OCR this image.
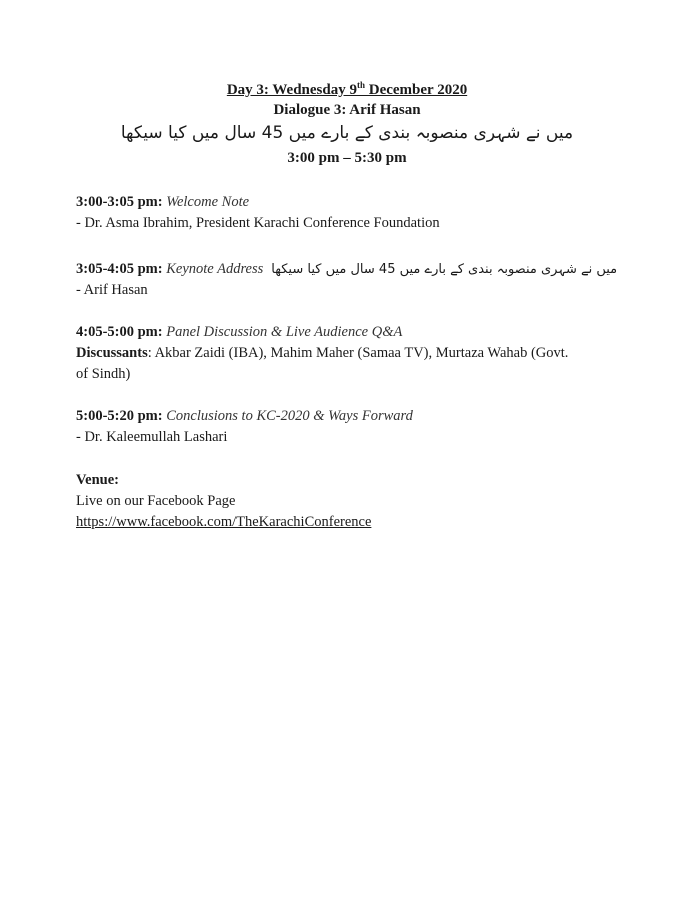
Day 3: Wednesday 9th December 2020
Dialogue 3: Arif Hasan
میں نے شہری منصوبہ بندی کے بارے میں 45 سال میں کیا سیکھا
3:00 pm – 5:30 pm
3:00-3:05 pm: Welcome Note
- Dr. Asma Ibrahim, President Karachi Conference Foundation
3:05-4:05 pm: Keynote Address میں نے شہری منصوبہ بندی کے بارے میں 45 سال میں کیا سیکھا
- Arif Hasan
4:05-5:00 pm: Panel Discussion & Live Audience Q&A
Discussants: Akbar Zaidi (IBA), Mahim Maher (Samaa TV), Murtaza Wahab (Govt.
of Sindh)
5:00-5:20 pm: Conclusions to KC-2020 & Ways Forward
- Dr. Kaleemullah Lashari
Venue:
Live on our Facebook Page
https://www.facebook.com/TheKarachiConference
